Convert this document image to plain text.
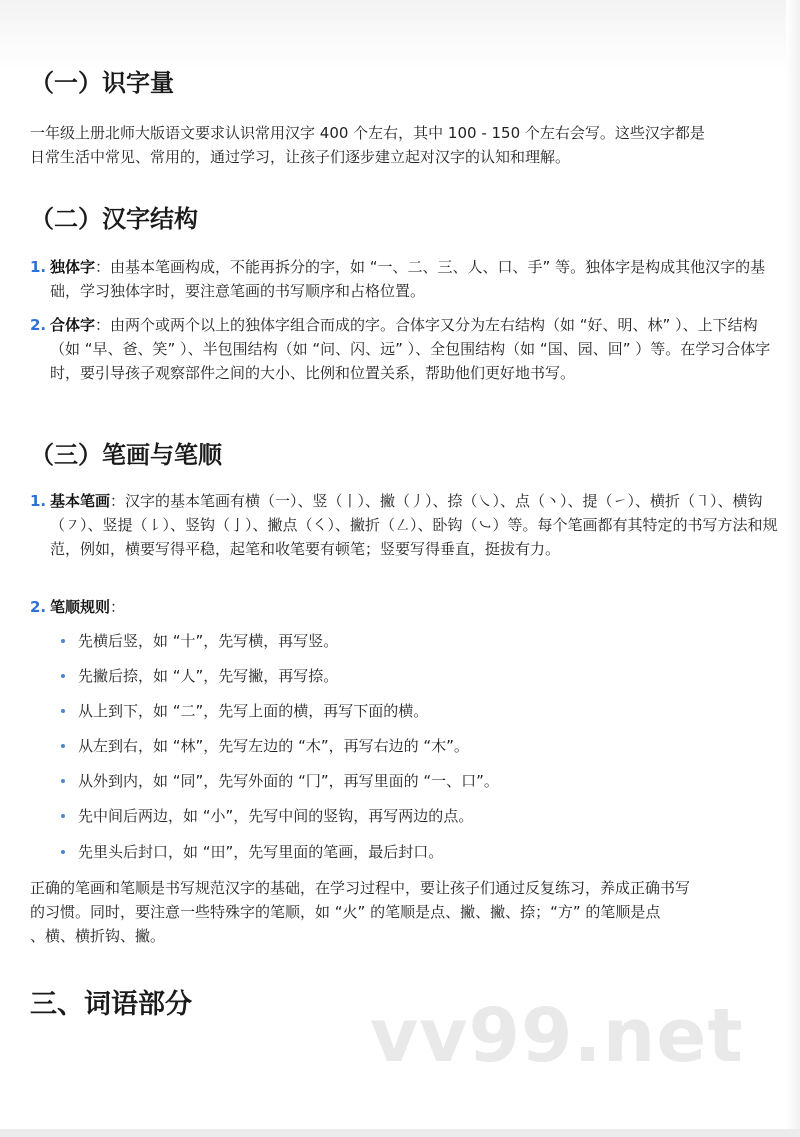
（一）识字量

一年级上册北师大版语文要求认识常用汉字 400 个左右，其中 100 - 150 个左右会写。这些汉字都是

日常生活中常见、常用的，通过学习，让孩子们逐步建立起对汉字的认知和理解。

（二）汉字结构
1. 独体字：由基本笔画构成，不能再拆分的字，如 “一、二、三、人、口、手” 等。独体字是构成其他汉字的基础，学习独体字时，要注意笔画的书写顺序和占格位置。
2. 合体字：由两个或两个以上的独体字组合而成的字。合体字又分为左右结构（如 “好、明、林” ）、上下结构（如 “早、爸、笑” ）、半包围结构（如 “问、闪、远” ）、全包围结构（如 “国、园、回” ）等。在学习合体字时，要引导孩子观察部件之间的大小、比例和位置关系，帮助他们更好地书写。
（三）笔画与笔顺
1. 基本笔画：汉字的基本笔画有横（一）、竖（丨）、撇（丿）、捺（㇏）、点（丶）、提（㇀）、横折（㇕）、横钩（㇇）、竖提（㇙）、竖钩（亅）、撇点（㇛）、撇折（㇜）、卧钩（㇃）等。每个笔画都有其特定的书写方法和规范，例如，横要写得平稳，起笔和收笔要有顿笔；竖要写得垂直，挺拔有力。
2. 笔顺规则：
先横后竖，如 “十”，先写横，再写竖。
先撇后捺，如 “人”，先写撇，再写捺。
从上到下，如 “二”，先写上面的横，再写下面的横。
从左到右，如 “林”，先写左边的 “木”，再写右边的 “木”。
从外到内，如 “同”，先写外面的 “冂”，再写里面的 “一、口”。
先中间后两边，如 “小”，先写中间的竖钩，再写两边的点。
先里头后封口，如 “田”，先写里面的笔画，最后封口。

正确的笔画和笔顺是书写规范汉字的基础，在学习过程中，要让孩子们通过反复练习，养成正确书写

的习惯。同时，要注意一些特殊字的笔顺，如 “火” 的笔顺是点、撇、撇、捺；“方” 的笔顺是点

、横、横折钩、撇。

三、词语部分 vv99.net
